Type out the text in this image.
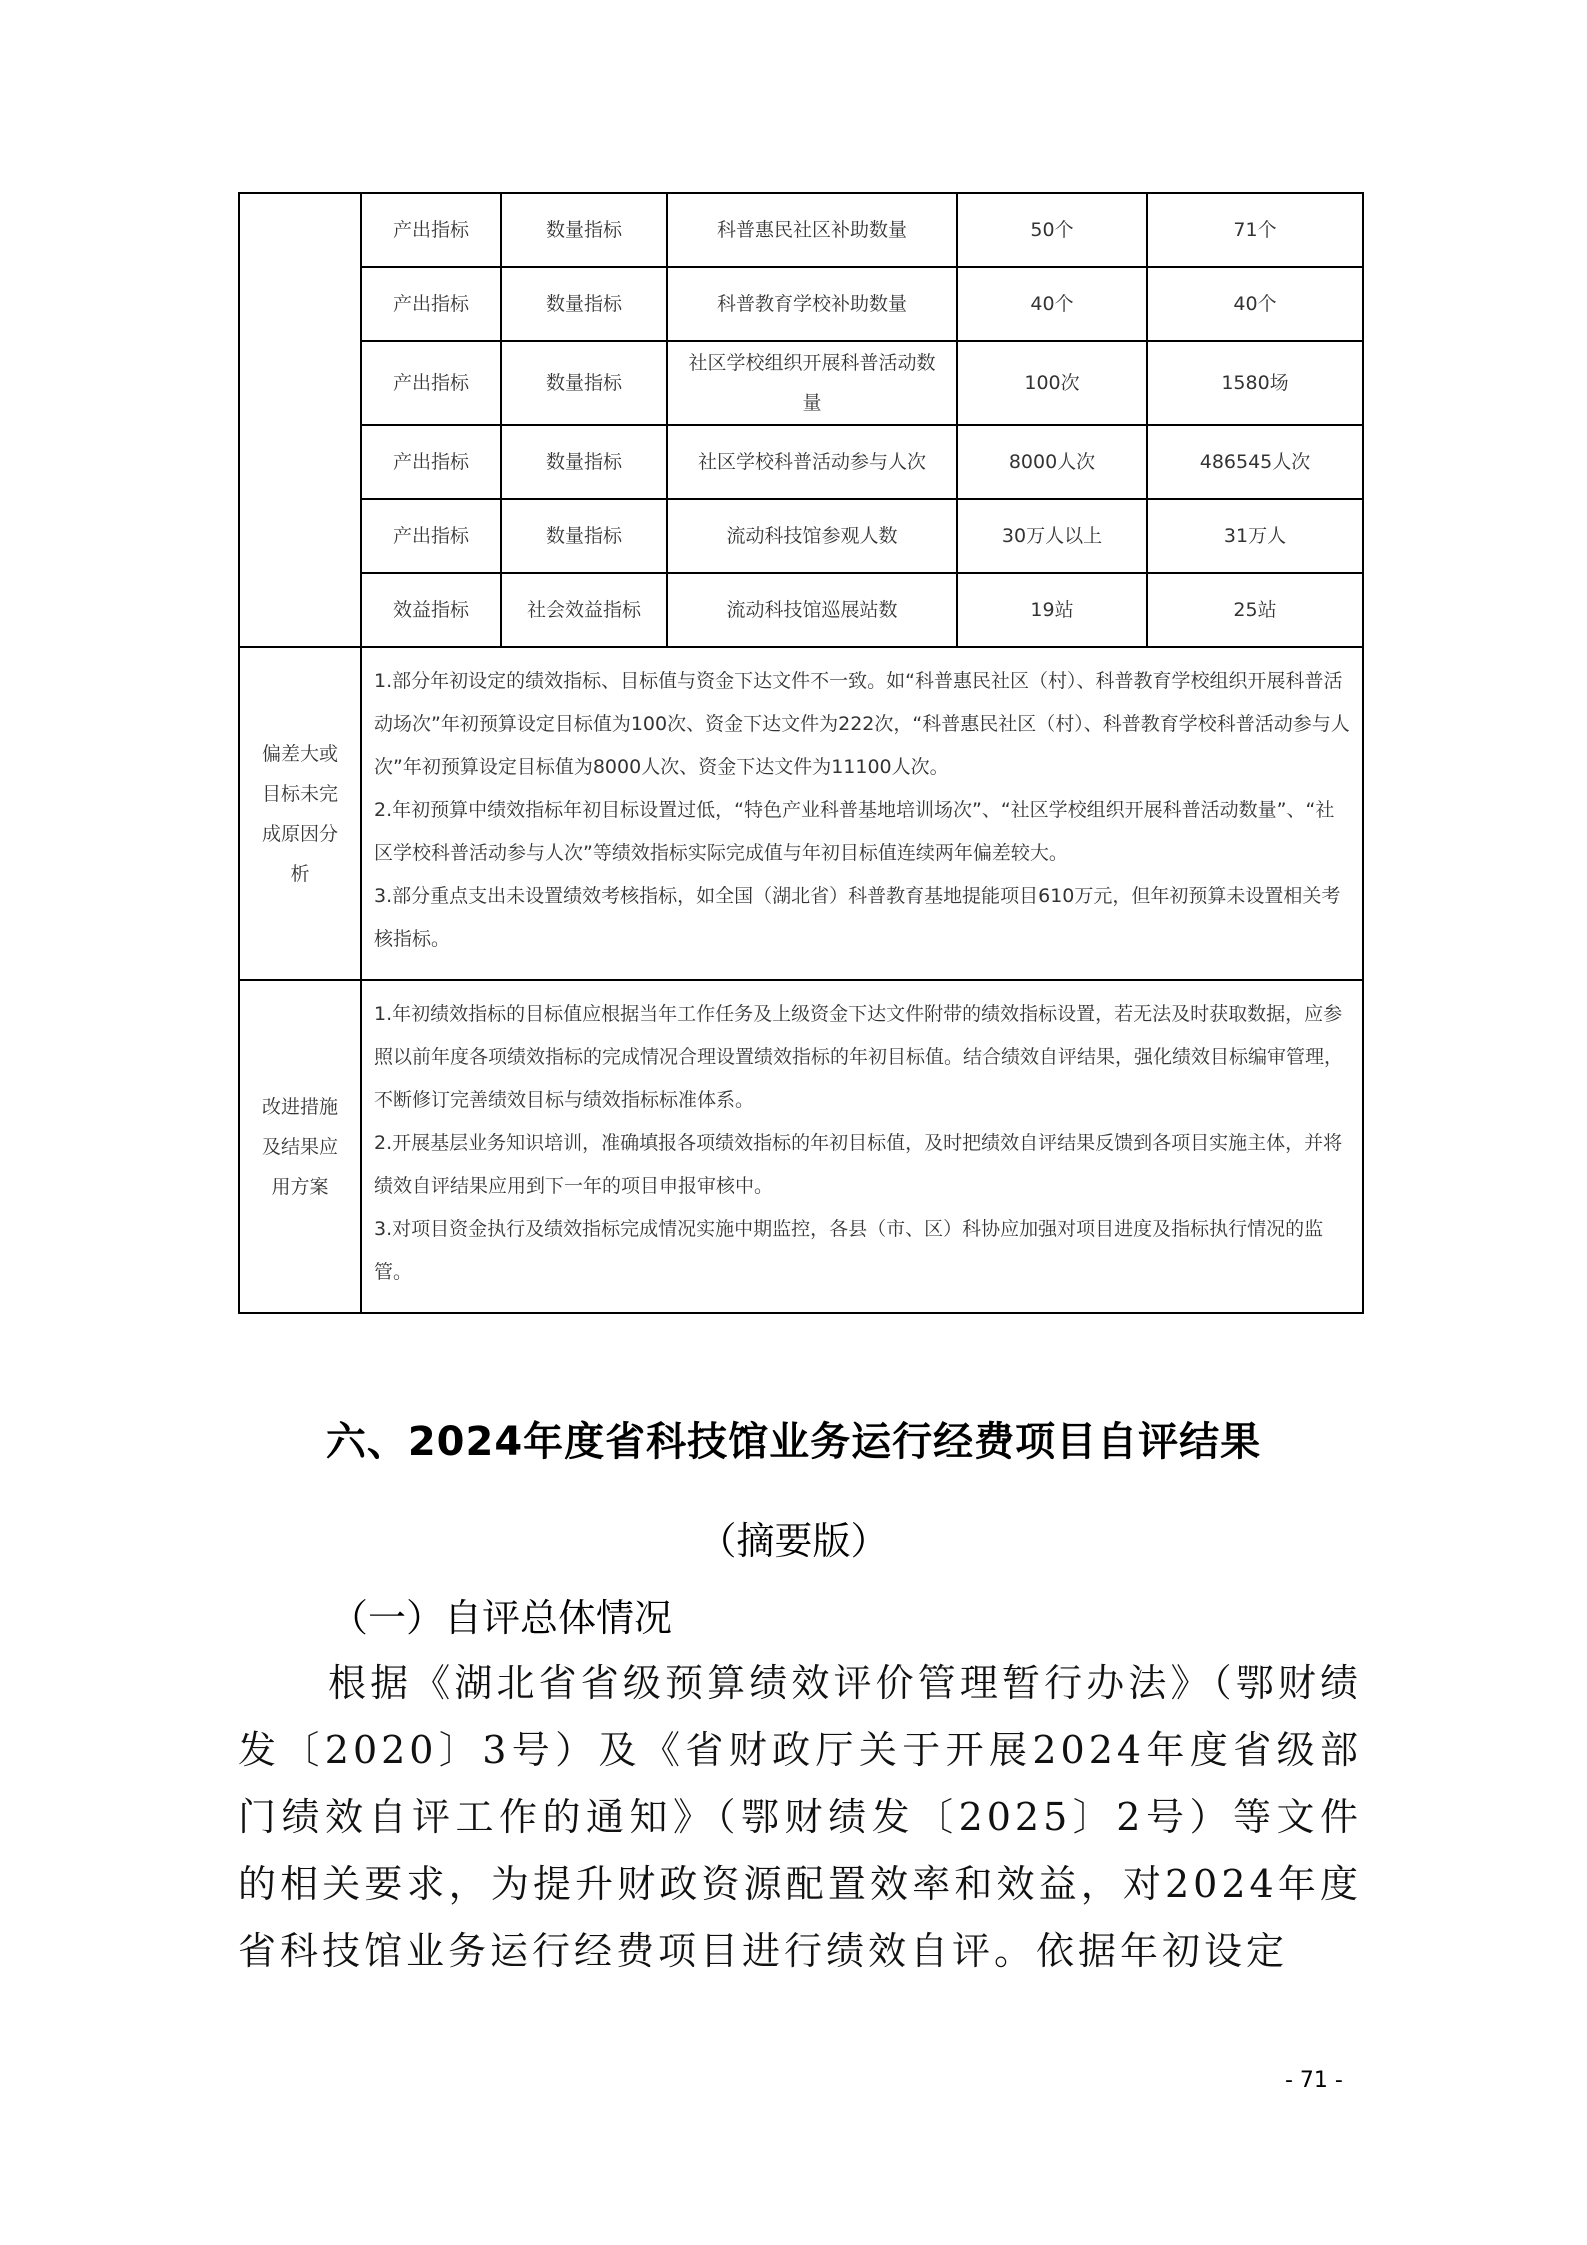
	产出指标	数量指标	科普惠民社区补助数量	50个	71个
	产出指标	数量指标	科普教育学校补助数量	40个	40个
	产出指标	数量指标	社区学校组织开展科普活动数量	100次	1580场
	产出指标	数量指标	社区学校科普活动参与人次	8000人次	486545人次
	产出指标	数量指标	流动科技馆参观人数	30万人以上	31万人
	效益指标	社会效益指标	流动科技馆巡展站数	19站	25站
偏差大或目标未完成原因分析	1.部分年初设定的绩效指标、目标值与资金下达文件不一致。如“科普惠民社区（村）、科普教育学校组织开展科普活动场次”年初预算设定目标值为100次、资金下达文件为222次，“科普惠民社区（村）、科普教育学校科普活动参与人次”年初预算设定目标值为8000人次、资金下达文件为11100人次。

2.年初预算中绩效指标年初目标设置过低，“特色产业科普基地培训场次”、“社区学校组织开展科普活动数量”、“社区学校科普活动参与人次”等绩效指标实际完成值与年初目标值连续两年偏差较大。

3.部分重点支出未设置绩效考核指标，如全国（湖北省）科普教育基地提能项目610万元，但年初预算未设置相关考核指标。				

改进措施及结果应用方案	1.年初绩效指标的目标值应根据当年工作任务及上级资金下达文件附带的绩效指标设置，若无法及时获取数据，应参照以前年度各项绩效指标的完成情况合理设置绩效指标的年初目标值。结合绩效自评结果，强化绩效目标编审管理，不断修订完善绩效目标与绩效指标标准体系。

2.开展基层业务知识培训，准确填报各项绩效指标的年初目标值，及时把绩效自评结果反馈到各项目实施主体，并将绩效自评结果应用到下一年的项目申报审核中。

3.对项目资金执行及绩效指标完成情况实施中期监控，各县（市、区）科协应加强对项目进度及指标执行情况的监管。				

六、2024年度省科技馆业务运行经费项目自评结果
（摘要版）
（一）自评总体情况

根据《湖北省省级预算绩效评价管理暂行办法》（鄂财绩发〔2020〕3号）及《省财政厅关于开展2024年度省级部门绩效自评工作的通知》（鄂财绩发〔2025〕2号）等文件的相关要求，为提升财政资源配置效率和效益，对2024年度省科技馆业务运行经费项目进行绩效自评。依据年初设定

- 71 -
